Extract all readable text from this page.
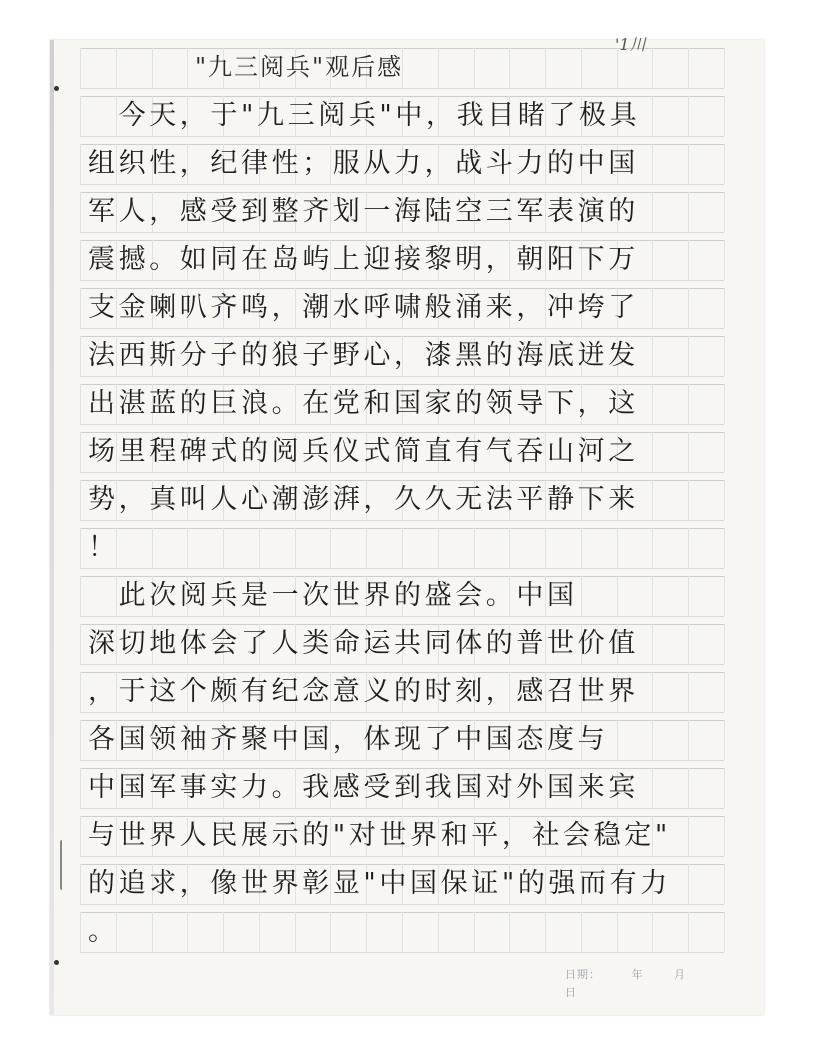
'1川
"九三阅兵"观后感
　今天，于"九三阅兵"中，我目睹了极具
组织性，纪律性；服从力，战斗力的中国
军人，感受到整齐划一海陆空三军表演的
震撼。如同在岛屿上迎接黎明，朝阳下万
支金喇叭齐鸣，潮水呼啸般涌来，冲垮了
法西斯分子的狼子野心，漆黑的海底迸发
出湛蓝的巨浪。在党和国家的领导下，这
场里程碑式的阅兵仪式简直有气吞山河之
势，真叫人心潮澎湃，久久无法平静下来
！
　此次阅兵是一次世界的盛会。中国
深切地体会了人类命运共同体的普世价值
，于这个颇有纪念意义的时刻，感召世界
各国领袖齐聚中国，体现了中国态度与
中国军事实力。我感受到我国对外国来宾
与世界人民展示的"对世界和平，社会稳定"
的追求，像世界彰显"中国保证"的强而有力
。
日期：	年	月 日
